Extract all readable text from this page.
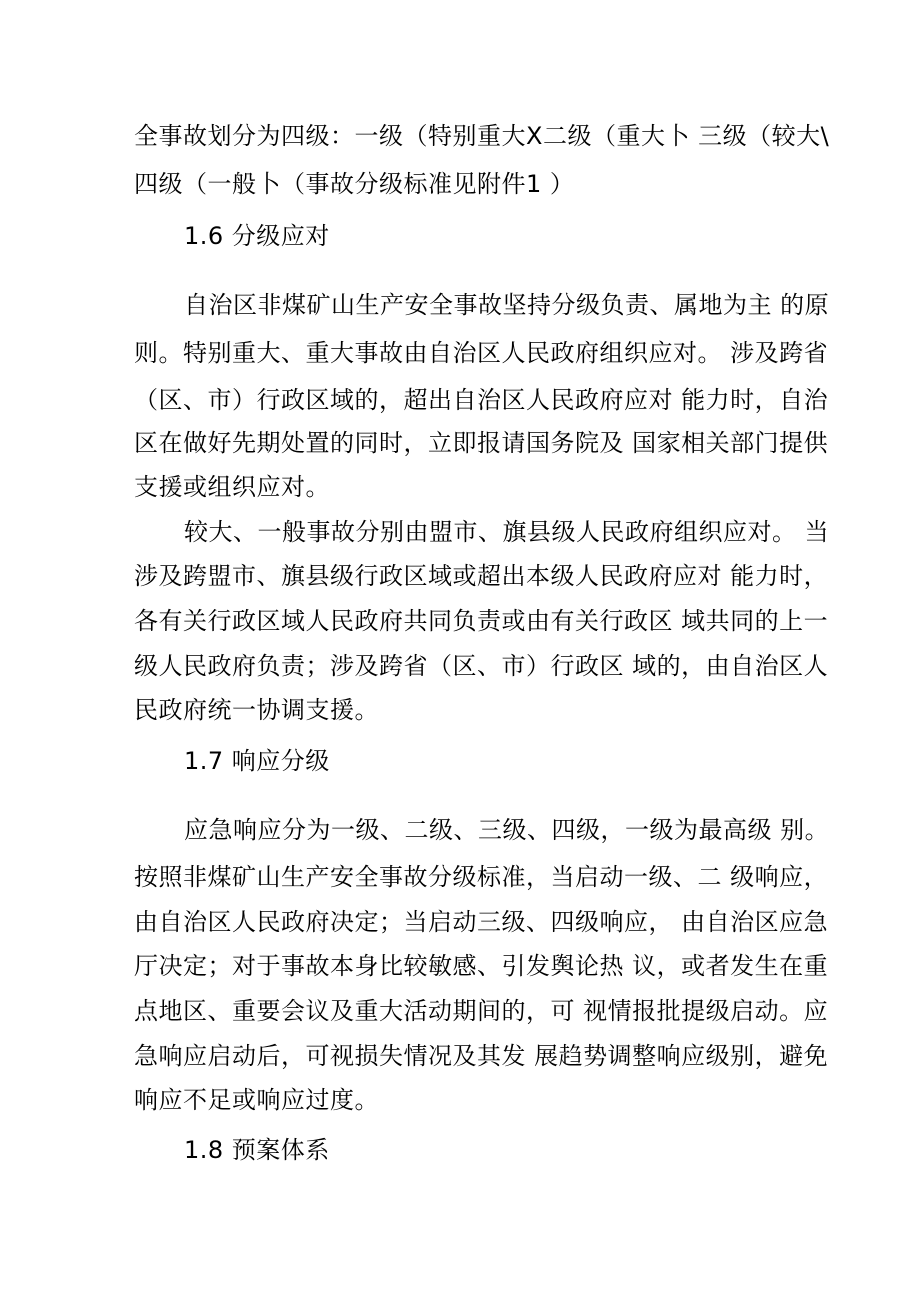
全事故划分为四级：一级（特别重大X二级（重大卜 三级（较大\
四级（一般卜（事故分级标准见附件1 ）
1.6 分级应对
自治区非煤矿山生产安全事故坚持分级负责、属地为主 的原
则。特别重大、重大事故由自治区人民政府组织应对。 涉及跨省
（区、市）行政区域的，超出自治区人民政府应对 能力时，自治
区在做好先期处置的同时，立即报请国务院及 国家相关部门提供
支援或组织应对。
较大、一般事故分别由盟市、旗县级人民政府组织应对。 当
涉及跨盟市、旗县级行政区域或超出本级人民政府应对 能力时，
各有关行政区域人民政府共同负责或由有关行政区 域共同的上一
级人民政府负责；涉及跨省（区、市）行政区 域的，由自治区人
民政府统一协调支援。
1.7 响应分级
应急响应分为一级、二级、三级、四级，一级为最高级 别。
按照非煤矿山生产安全事故分级标准，当启动一级、二 级响应，
由自治区人民政府决定；当启动三级、四级响应， 由自治区应急
厅决定；对于事故本身比较敏感、引发舆论热 议，或者发生在重
点地区、重要会议及重大活动期间的，可 视情报批提级启动。应
急响应启动后，可视损失情况及其发 展趋势调整响应级别，避免
响应不足或响应过度。
1.8 预案体系
